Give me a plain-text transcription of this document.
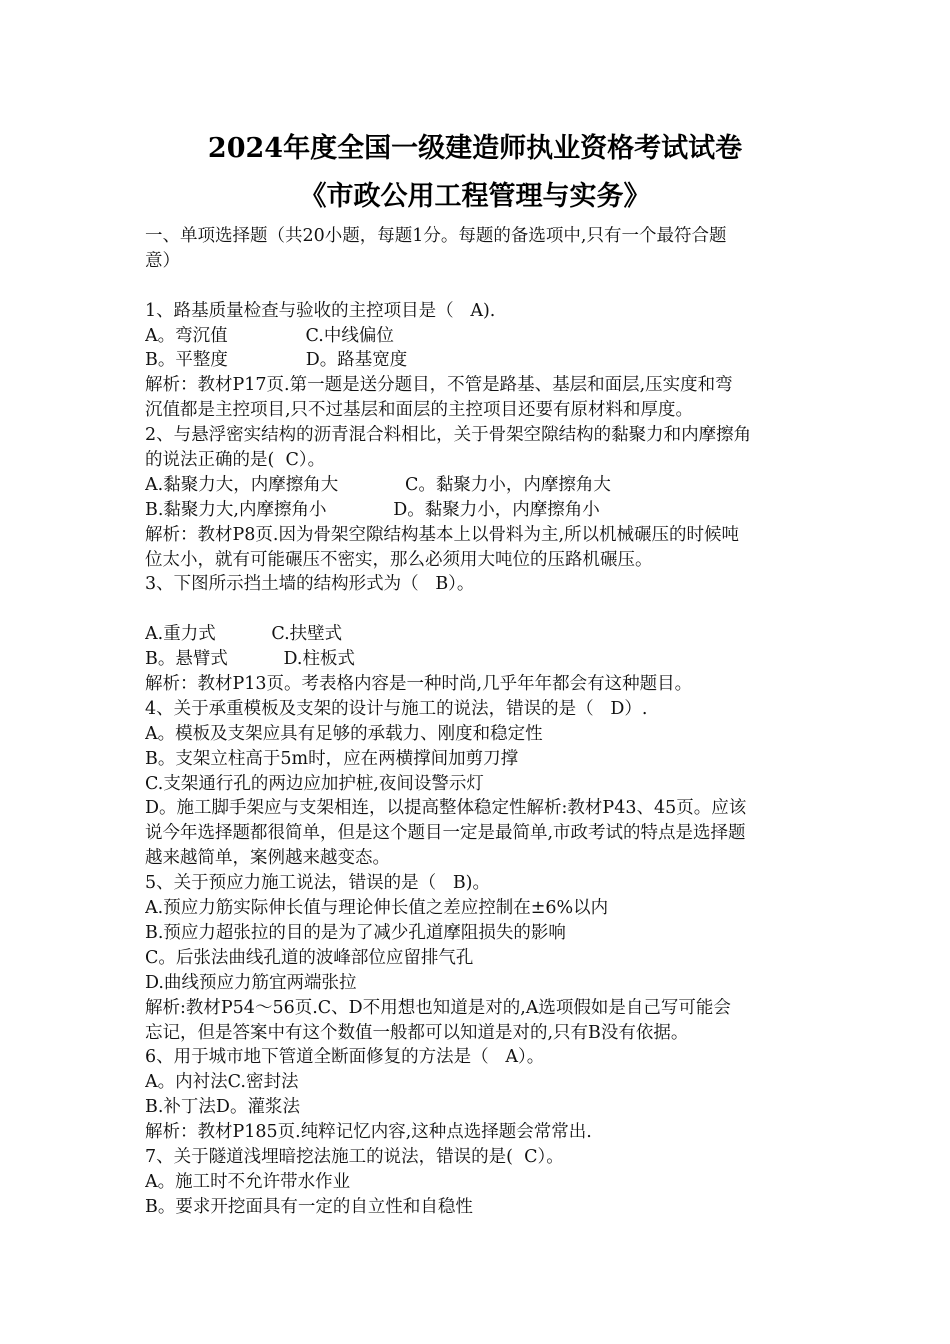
2024年度全国一级建造师执业资格考试试卷
《市政公用工程管理与实务》
一、单项选择题（共20小题，每题1分。每题的备选项中,只有一个最符合题
意）
1、路基质量检查与验收的主控项目是（   A).
A。弯沉值              C.中线偏位
B。平整度              D。路基宽度
解析：教材P17页.第一题是送分题目，不管是路基、基层和面层,压实度和弯
沉值都是主控项目,只不过基层和面层的主控项目还要有原材料和厚度。
2、与悬浮密实结构的沥青混合料相比，关于骨架空隙结构的黏聚力和内摩擦角
的说法正确的是(  C）。
A.黏聚力大，内摩擦角大            C。黏聚力小，内摩擦角大
B.黏聚力大,内摩擦角小            D。黏聚力小，内摩擦角小
解析：教材P8页.因为骨架空隙结构基本上以骨料为主,所以机械碾压的时候吨
位太小，就有可能碾压不密实，那么必须用大吨位的压路机碾压。
3、下图所示挡土墙的结构形式为（   B）。
A.重力式          C.扶壁式
B。悬臂式          D.柱板式
解析：教材P13页。考表格内容是一种时尚,几乎年年都会有这种题目。
4、关于承重模板及支架的设计与施工的说法，错误的是（   D）.
A。模板及支架应具有足够的承载力、刚度和稳定性
B。支架立柱高于5m时，应在两横撑间加剪刀撑
C.支架通行孔的两边应加护桩,夜间设警示灯
D。施工脚手架应与支架相连，以提高整体稳定性解析:教材P43、45页。应该
说今年选择题都很简单，但是这个题目一定是最简单,市政考试的特点是选择题
越来越简单，案例越来越变态。
5、关于预应力施工说法，错误的是（   B)。
A.预应力筋实际伸长值与理论伸长值之差应控制在±6%以内
B.预应力超张拉的目的是为了减少孔道摩阻损失的影响
C。后张法曲线孔道的波峰部位应留排气孔
D.曲线预应力筋宜两端张拉
解析:教材P54～56页.C、D不用想也知道是对的,A选项假如是自己写可能会
忘记，但是答案中有这个数值一般都可以知道是对的,只有B没有依据。
6、用于城市地下管道全断面修复的方法是（   A）。
A。内衬法C.密封法
B.补丁法D。灌浆法
解析：教材P185页.纯粹记忆内容,这种点选择题会常常出.
7、关于隧道浅埋暗挖法施工的说法，错误的是(  C）。
A。施工时不允许带水作业
B。要求开挖面具有一定的自立性和自稳性
